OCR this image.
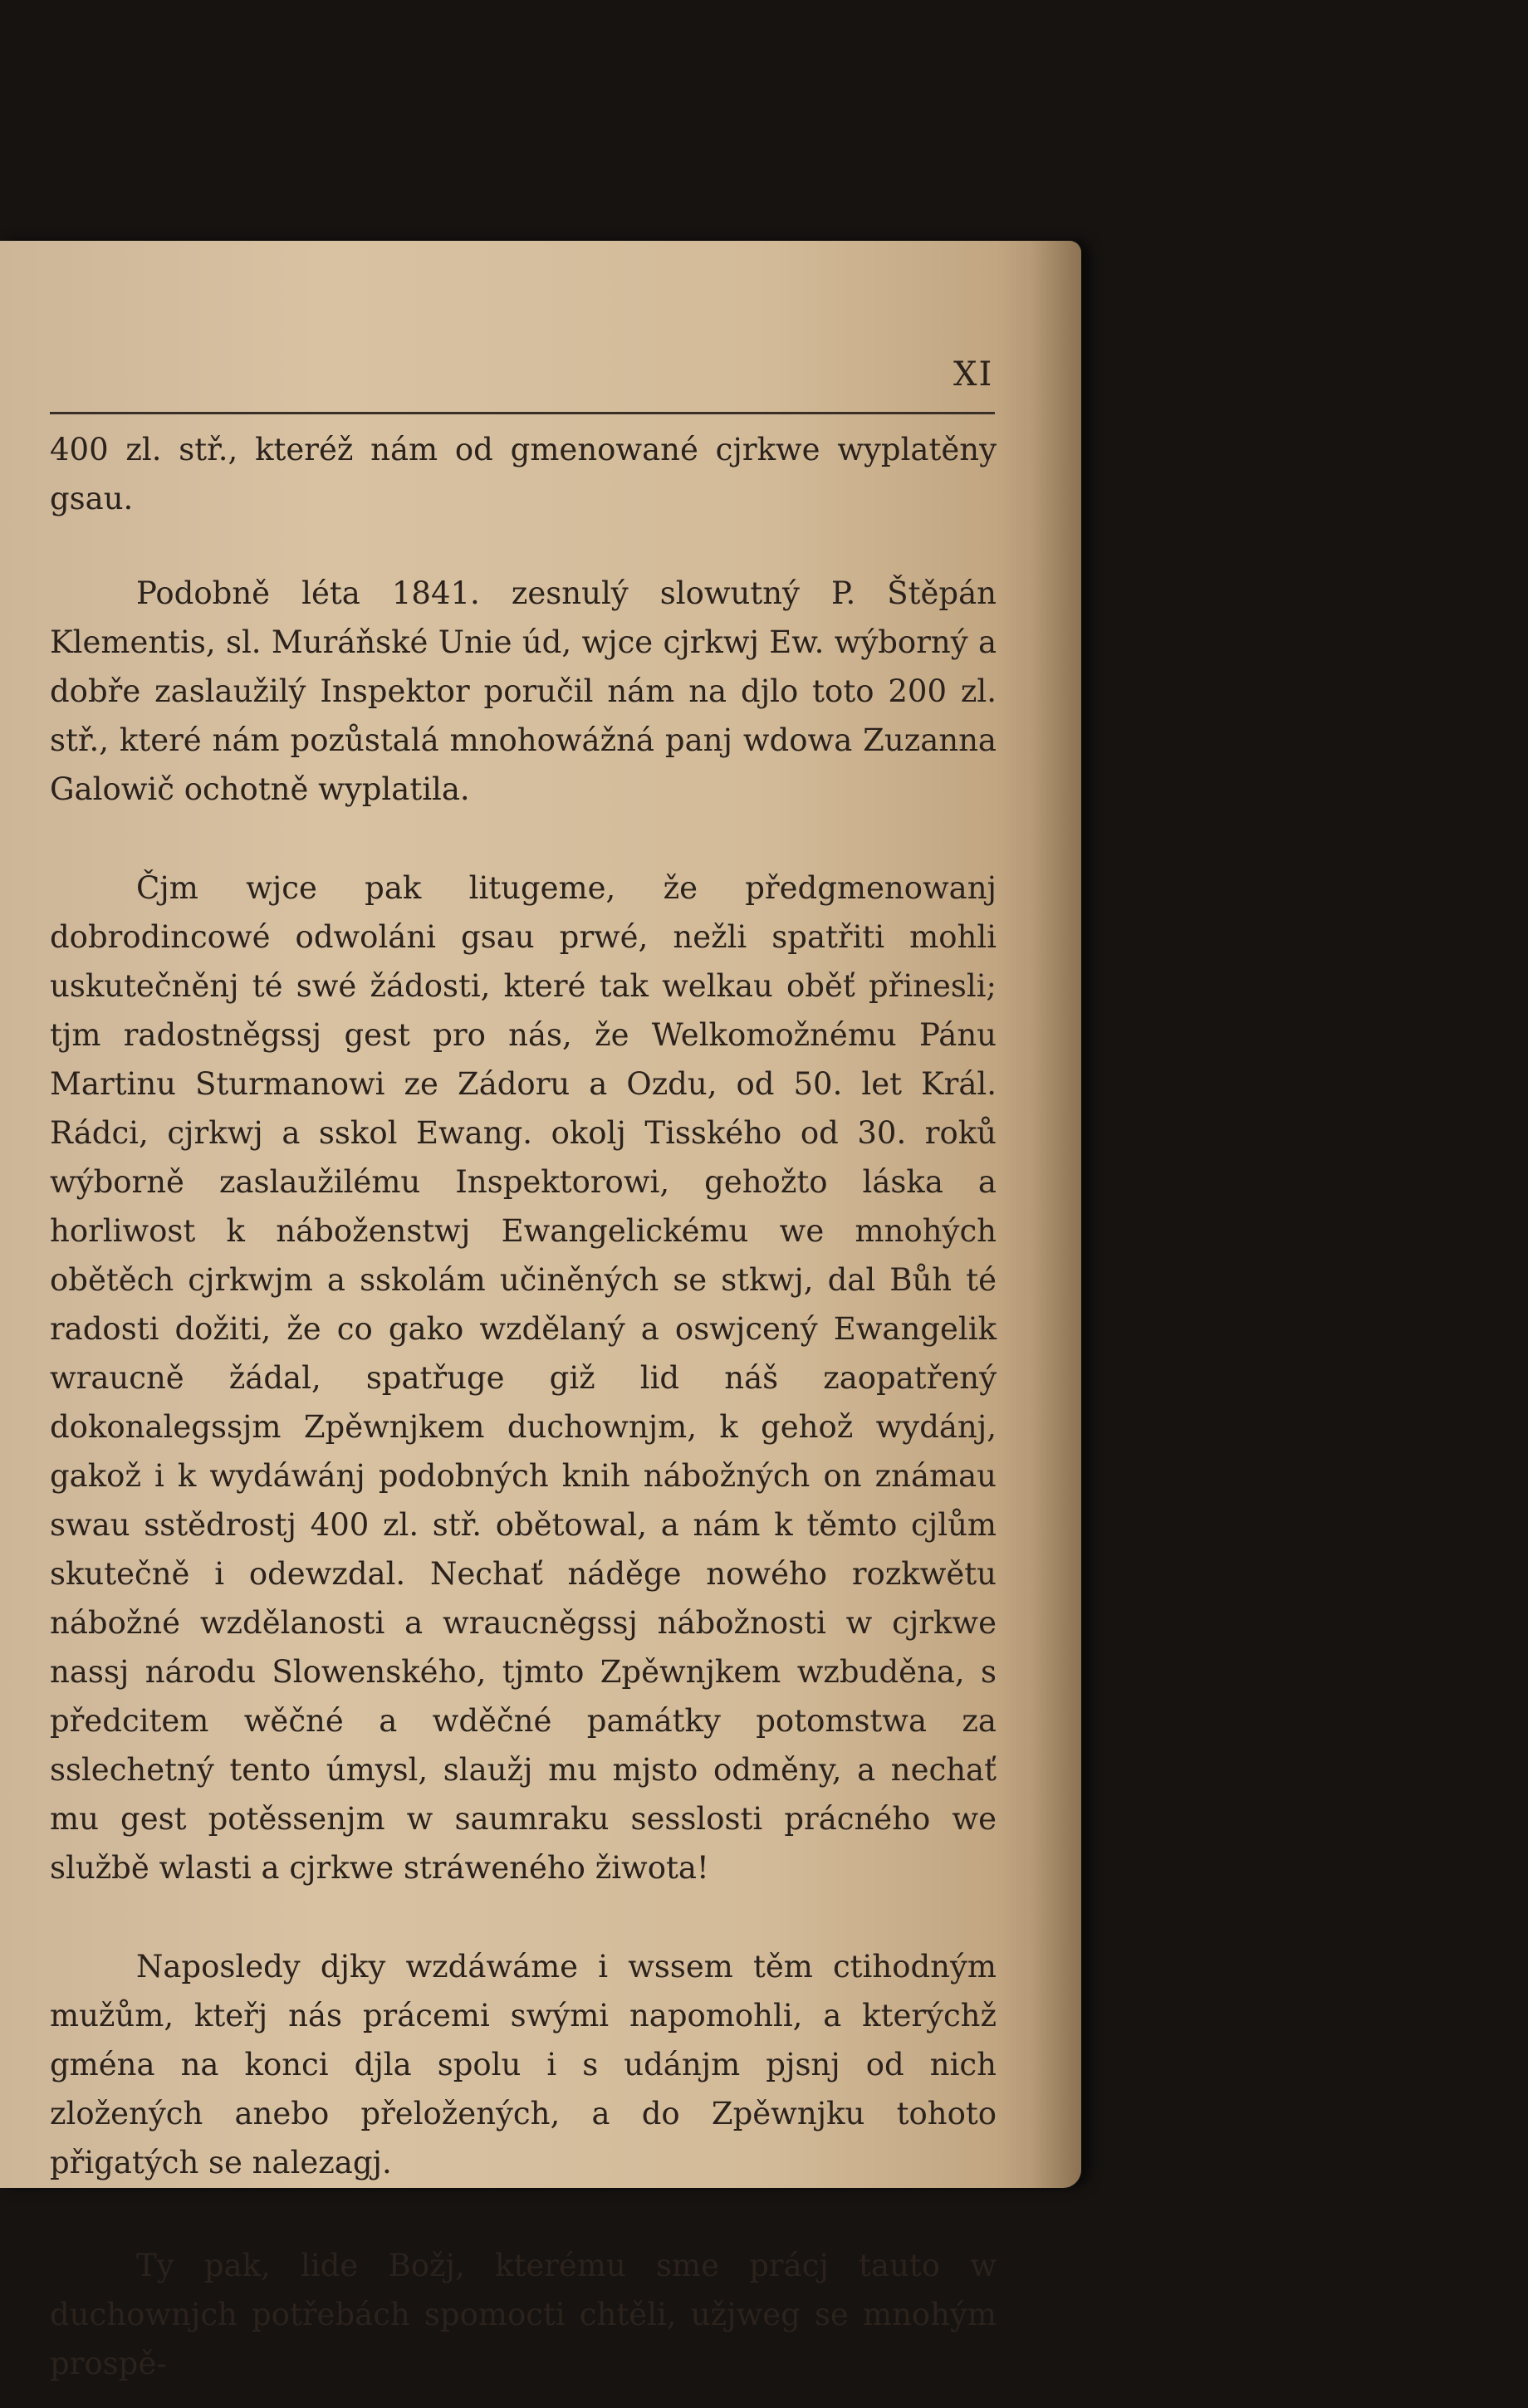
XI

400 zl. stř., kteréž nám od gmenowané cjrkwe wyplatěny gsau.

Podobně léta 1841. zesnulý slowutný P. Štěpán Klementis, sl. Muráňské Unie úd, wjce cjrkwj Ew. wýborný a dobře zaslaužilý Inspektor poručil nám na djlo toto 200 zl. stř., které nám pozůstalá mnohowážná panj wdowa Zuzanna Galowič ochotně wyplatila.

Čjm wjce pak litugeme, že předgmenowanj dobrodincowé odwoláni gsau prwé, nežli spatřiti mohli uskutečněnj té swé žádosti, které tak welkau oběť přinesli; tjm radostněgssj gest pro nás, že Welkomožnému Pánu Martinu Sturmanowi ze Zádoru a Ozdu, od 50. let Král. Rádci, cjrkwj a sskol Ewang. okolj Tisského od 30. roků wýborně zaslaužilému Inspektorowi, gehožto láska a horliwost k náboženstwj Ewangelickému we mnohých obětěch cjrkwjm a sskolám učiněných se stkwj, dal Bůh té radosti dožiti, že co gako wzdělaný a oswjcený Ewangelik wraucně žádal, spatřuge giž lid náš zaopatřený dokonalegssjm Zpěwnjkem duchownjm, k gehož wydánj, gakož i k wydáwánj podobných knih nábožných on známau swau sstědrostj 400 zl. stř. obětowal, a nám k těmto cjlům skutečně i odewzdal. Nechať náděge nowého rozkwětu nábožné wzdělanosti a wraucněgssj nábožnosti w cjrkwe nassj národu Slowenského, tjmto Zpěwnjkem wzbuděna, s předcitem wěčné a wděčné památky potomstwa za sslechetný tento úmysl, slaužj mu mjsto odměny, a nechať mu gest potěssenjm w saumraku sesslosti prácného we službě wlasti a cjrkwe stráweného žiwota!

Naposledy djky wzdáwáme i wssem těm ctihodným mužům, kteřj nás prácemi swými napomohli, a kterýchž gména na konci djla spolu i s udánjm pjsnj od nich zložených anebo přeložených, a do Zpěwnjku tohoto přigatých se nalezagj.

Ty pak, lide Božj, kterému sme prácj tauto w duchownjch potřebách spomocti chtěli, užjweg se mnohým prospě-
